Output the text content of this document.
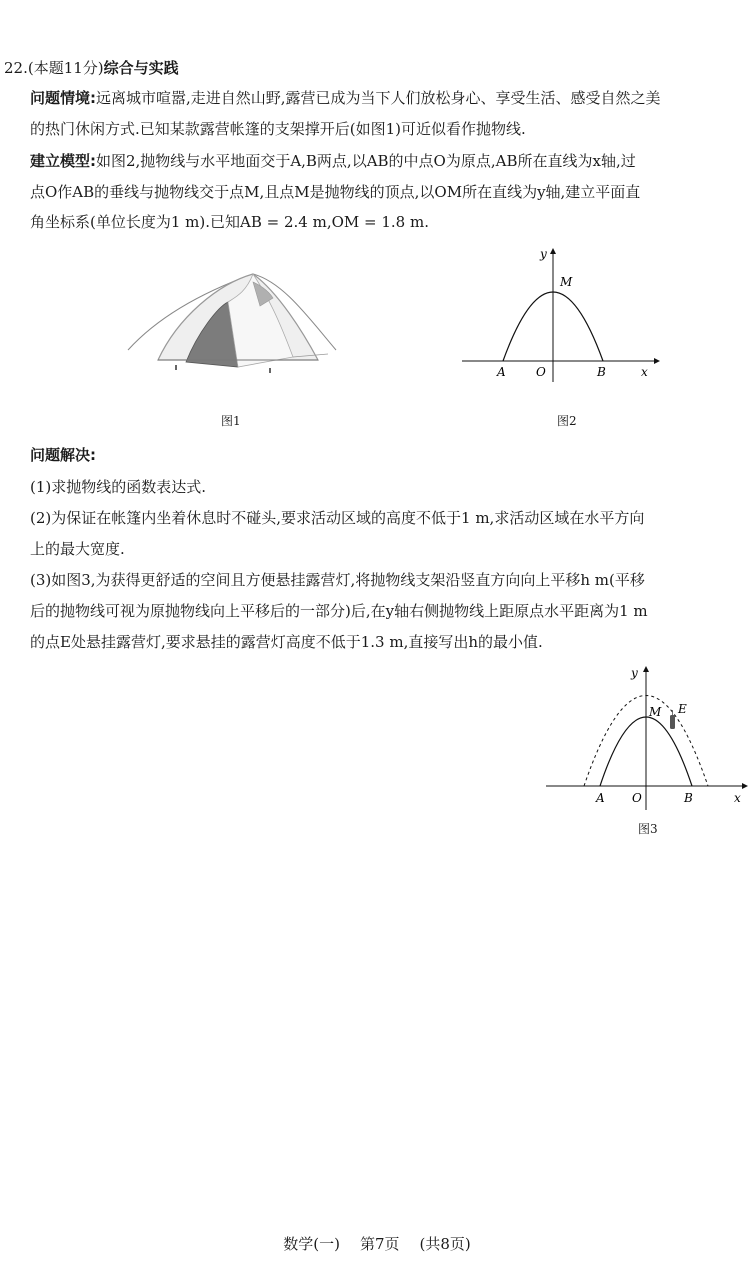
22.(本题11分)综合与实践
问题情境:远离城市喧嚣,走进自然山野,露营已成为当下人们放松身心、享受生活、感受自然之美
的热门休闲方式.已知某款露营帐篷的支架撑开后(如图1)可近似看作抛物线.
建立模型:如图2,抛物线与水平地面交于A,B两点,以AB的中点O为原点,AB所在直线为x轴,过
点O作AB的垂线与抛物线交于点M,且点M是抛物线的顶点,以OM所在直线为y轴,建立平面直
角坐标系(单位长度为1 m).已知AB = 2.4 m,OM = 1.8 m.
图1
y
M
A	O	B	x
图2
问题解决:
(1)求抛物线的函数表达式.
(2)为保证在帐篷内坐着休息时不碰头,要求活动区域的高度不低于1 m,求活动区域在水平方向
上的最大宽度.
(3)如图3,为获得更舒适的空间且方便悬挂露营灯,将抛物线支架沿竖直方向向上平移h m(平移
后的抛物线可视为原抛物线向上平移后的一部分)后,在y轴右侧抛物线上距原点水平距离为1 m
的点E处悬挂露营灯,要求悬挂的露营灯高度不低于1.3 m,直接写出h的最小值.
y
M E
A O	B	x
图3
数学(一) 第7页 (共8页)
